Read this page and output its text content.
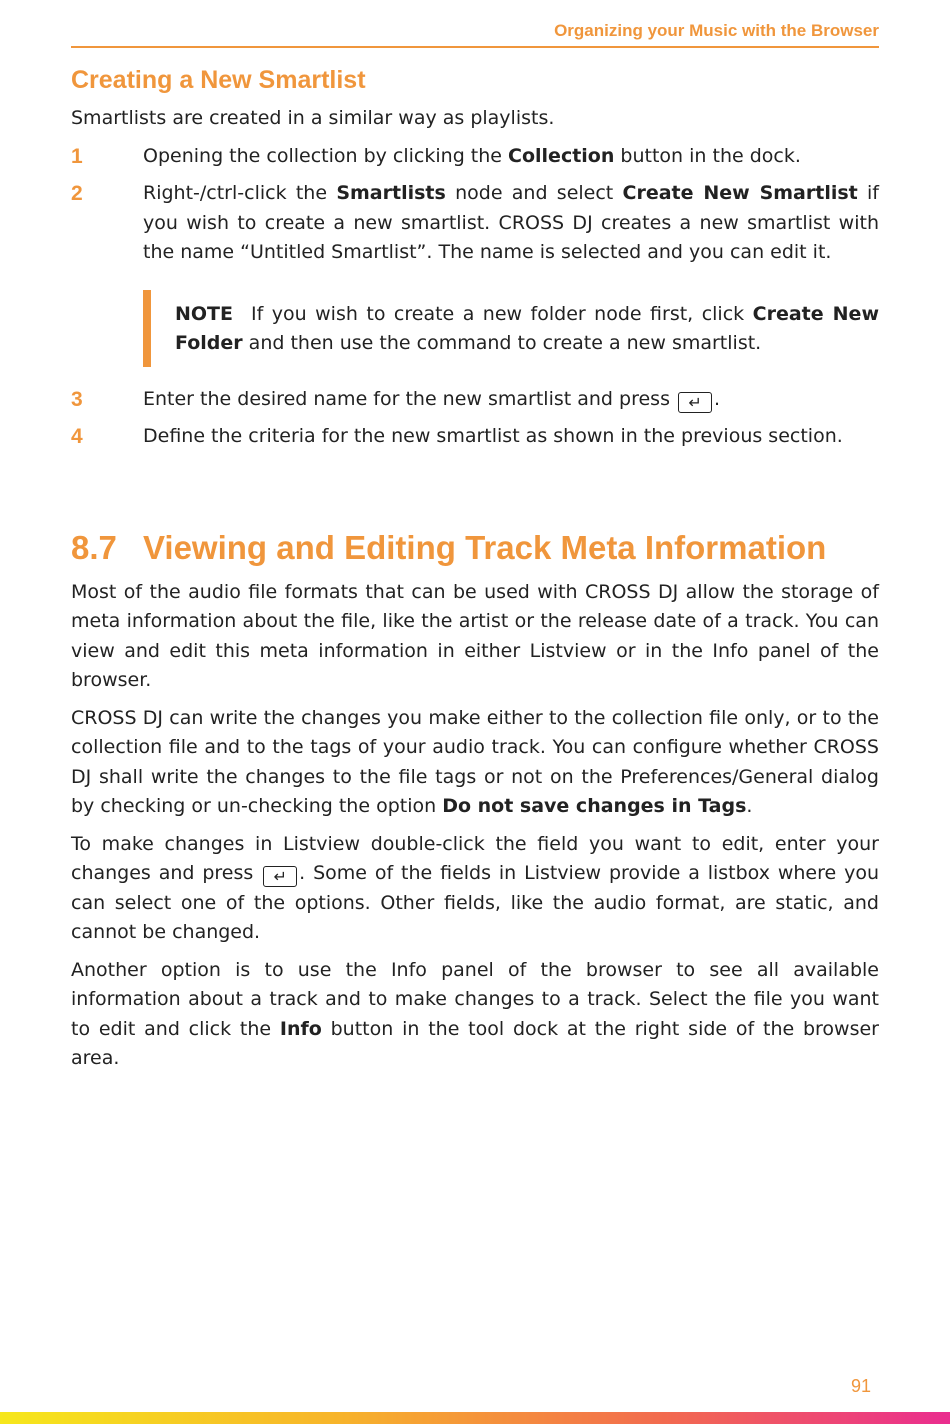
Organizing your Music with the Browser
Creating a New Smartlist

Smartlists are created in a similar way as playlists.

1	Opening the collection by clicking the Collection button in the dock.
2	Right-/ctrl-click the Smartlists node and select Create New Smartlist if you wish to create a new smartlist. CROSS DJ creates a new smartlist with the name “Untitled Smartlist”. The name is selected and you can edit it.
NOTE If you wish to create a new folder node first, click Create New Folder and then use the command to create a new smartlist.
3	Enter the desired name for the new smartlist and press ↵ .
4	Define the criteria for the new smartlist as shown in the previous section.
8.7 Viewing and Editing Track Meta Information

Most of the audio file formats that can be used with CROSS DJ allow the storage of meta information about the file, like the artist or the release date of a track. You can view and edit this meta information in either Listview or in the Info panel of the browser.

CROSS DJ can write the changes you make either to the collection file only, or to the collection file and to the tags of your audio track. You can configure whether CROSS DJ shall write the changes to the file tags or not on the Preferences/General dialog by checking or un-checking the option Do not save changes in Tags.

To make changes in Listview double-click the field you want to edit, enter your changes and press ↵ . Some of the fields in Listview provide a listbox where you can select one of the options. Other fields, like the audio format, are static, and cannot be changed.

Another option is to use the Info panel of the browser to see all available information about a track and to make changes to a track. Select the file you want to edit and click the Info button in the tool dock at the right side of the browser area.

91
